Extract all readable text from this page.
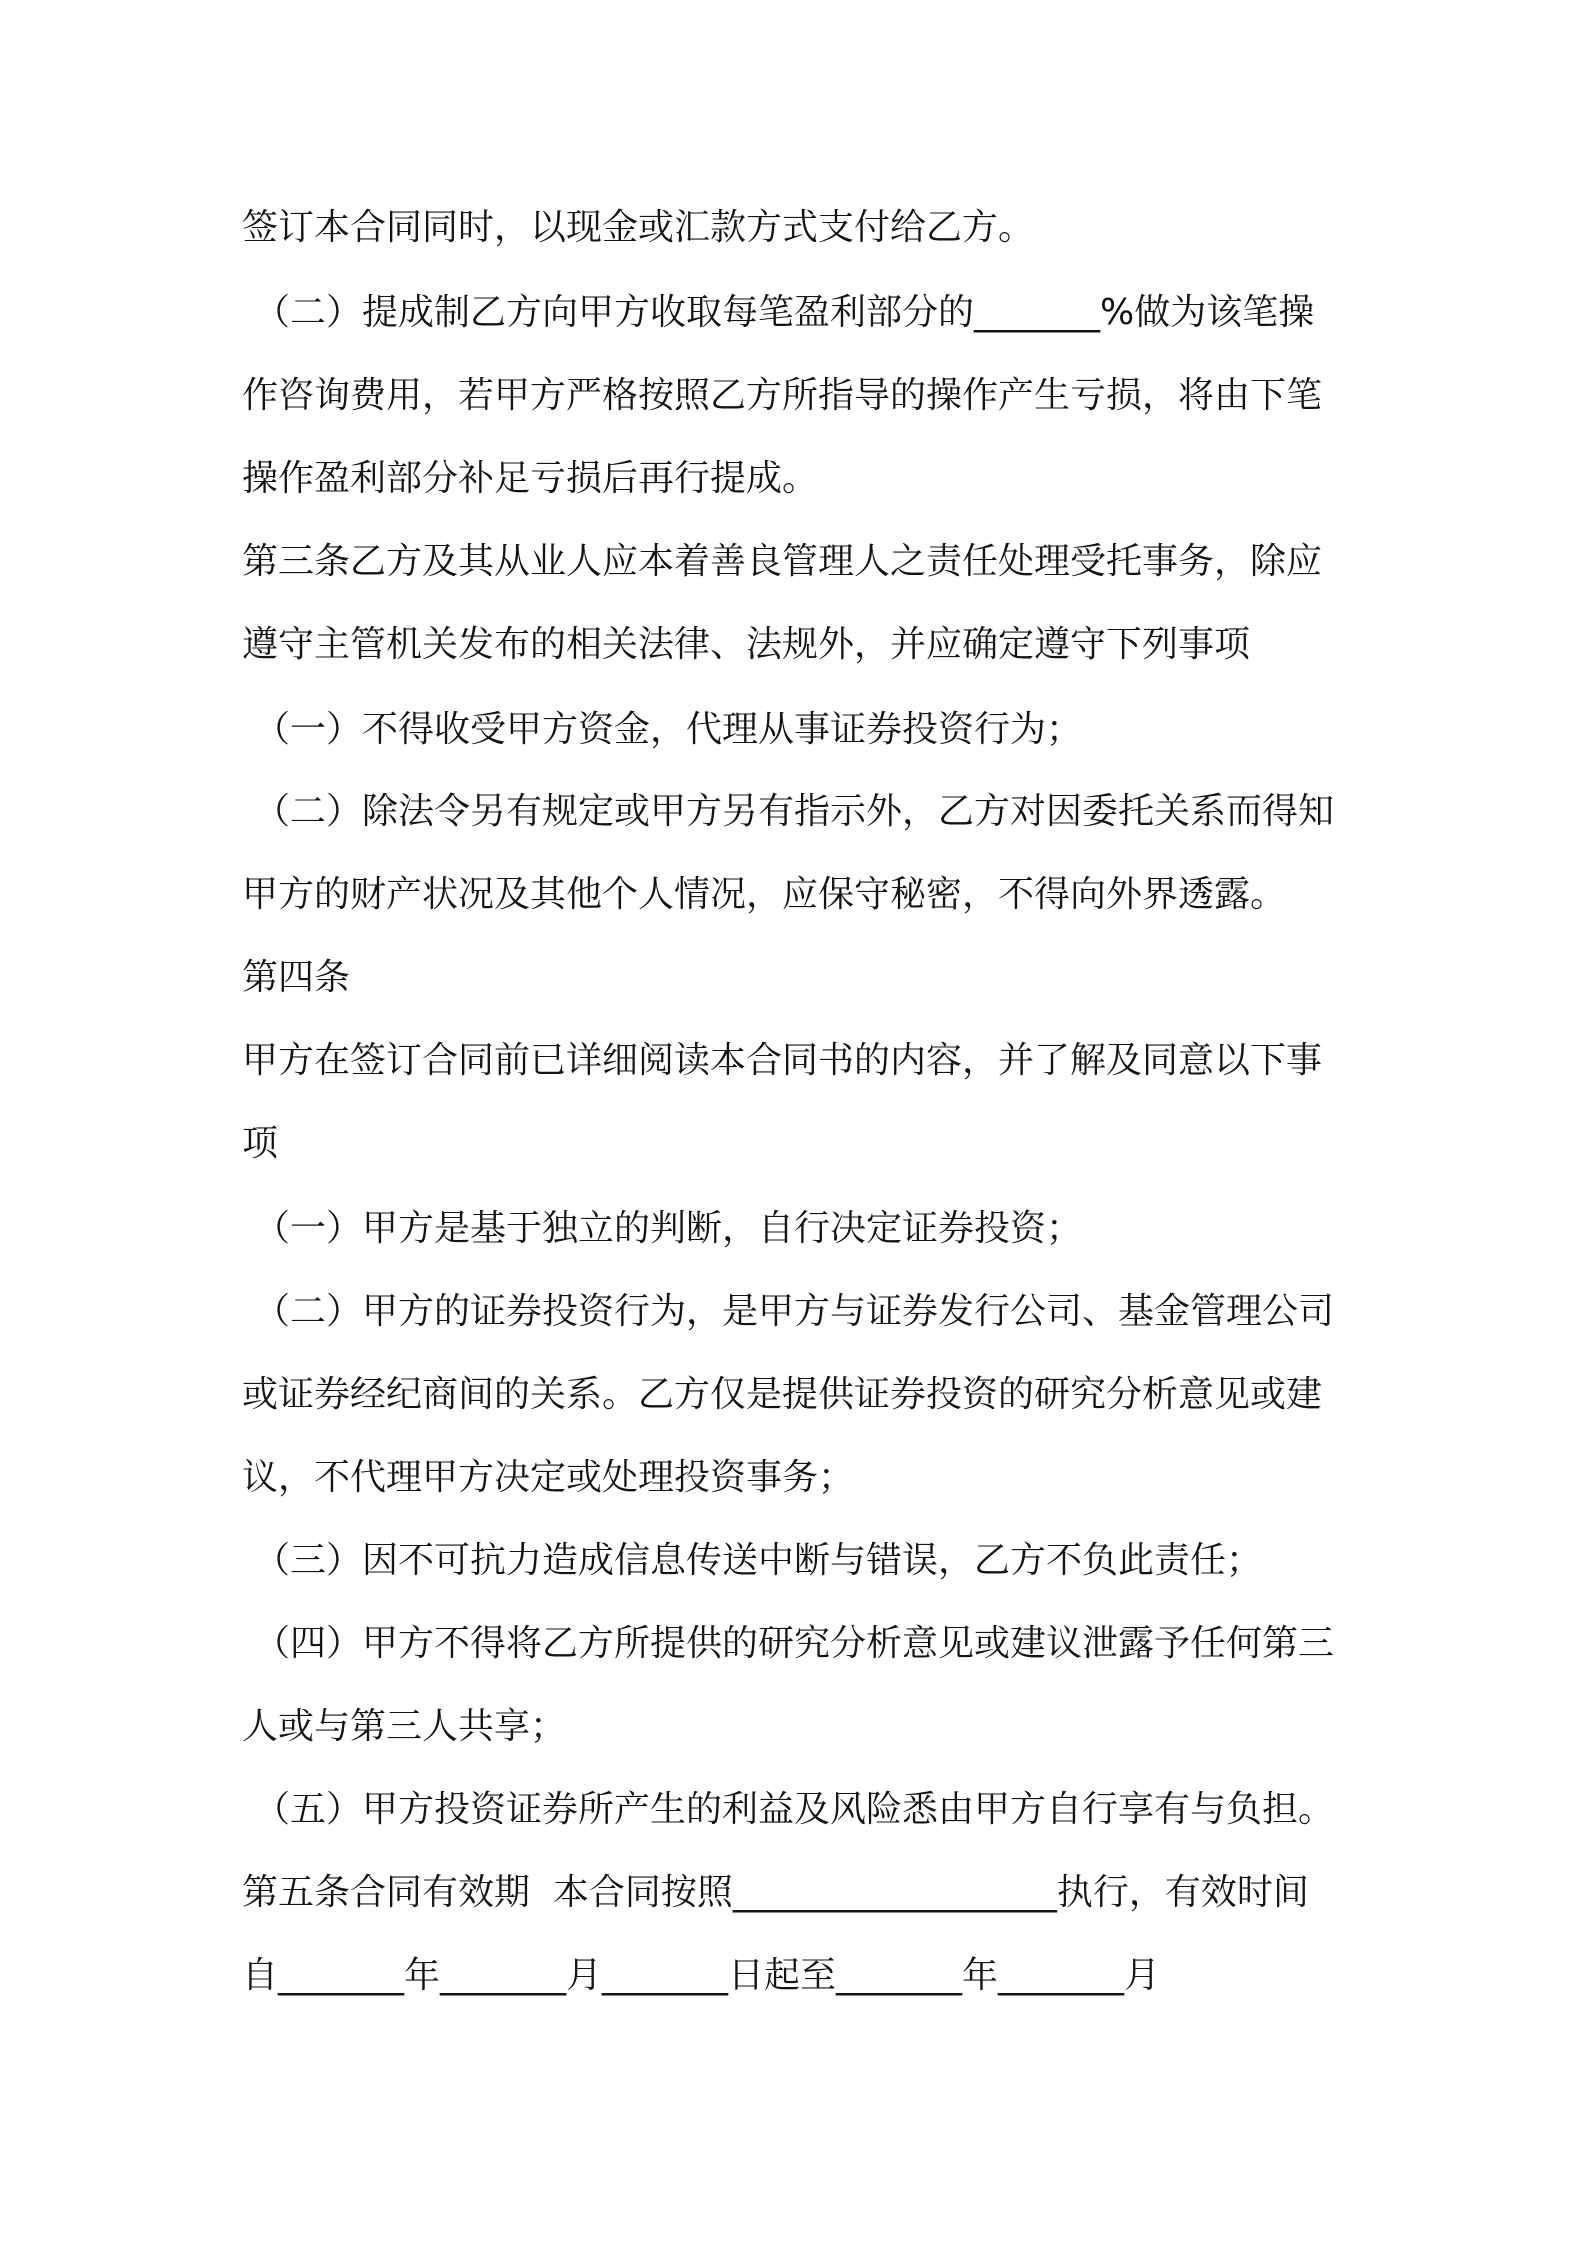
签订本合同同时，以现金或汇款方式支付给乙方。
（二）提成制乙方向甲方收取每笔盈利部分的_______%做为该笔操
作咨询费用，若甲方严格按照乙方所指导的操作产生亏损，将由下笔
操作盈利部分补足亏损后再行提成。
第三条乙方及其从业人应本着善良管理人之责任处理受托事务，除应
遵守主管机关发布的相关法律、法规外，并应确定遵守下列事项
（一）不得收受甲方资金，代理从事证券投资行为；
（二）除法令另有规定或甲方另有指示外，乙方对因委托关系而得知
甲方的财产状况及其他个人情况，应保守秘密，不得向外界透露。
第四条
甲方在签订合同前已详细阅读本合同书的内容，并了解及同意以下事
项
（一）甲方是基于独立的判断，自行决定证券投资；
（二）甲方的证券投资行为，是甲方与证券发行公司、基金管理公司
或证券经纪商间的关系。乙方仅是提供证券投资的研究分析意见或建
议，不代理甲方决定或处理投资事务；
（三）因不可抗力造成信息传送中断与错误，乙方不负此责任；
（四）甲方不得将乙方所提供的研究分析意见或建议泄露予任何第三
人或与第三人共享；
（五）甲方投资证券所产生的利益及风险悉由甲方自行享有与负担。
第五条合同有效期  本合同按照__________________执行，有效时间
自_______年_______月_______日起至_______年_______月
